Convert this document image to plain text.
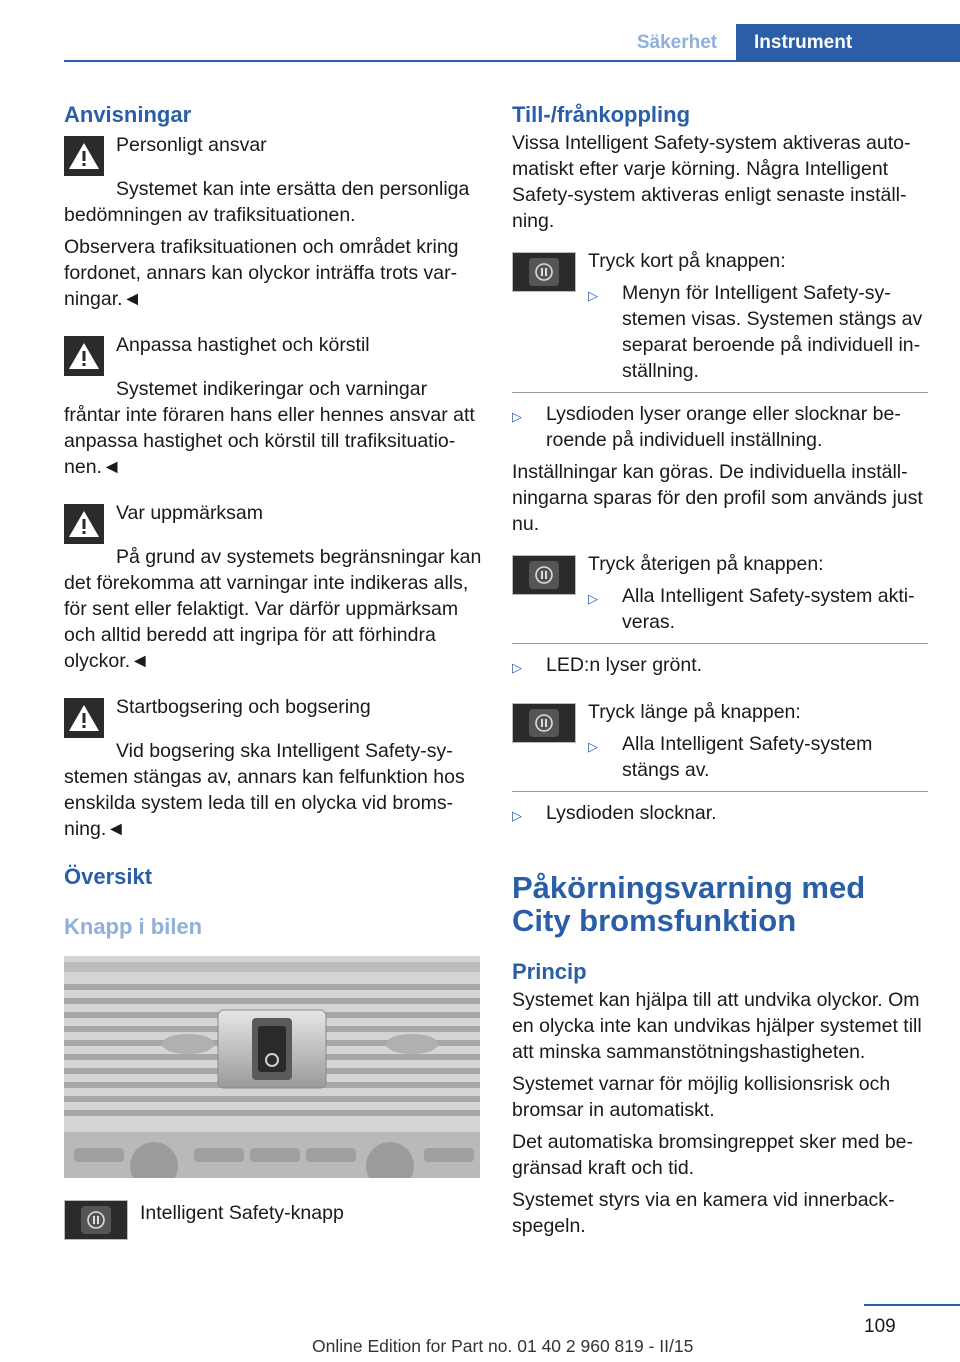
Säkerhet	Instrument
Anvisningar

Personligt ansvar

Systemet kan inte ersätta den personliga bedömningen av trafiksituationen.

Observera trafiksituationen och området kring fordonet, annars kan olyckor inträffa trots varningar.◄

Anpassa hastighet och körstil

Systemet indikeringar och varningar fråntar inte föraren hans eller hennes ansvar att anpassa hastighet och körstil till trafiksituationen.◄

Var uppmärksam

På grund av systemets begränsningar kan det förekomma att varningar inte indikeras alls, för sent eller felaktigt. Var därför uppmärksam och alltid beredd att ingripa för att förhindra olyckor.◄

Startbogsering och bogsering

Vid bogsering ska Intelligent Safety-systemen stängas av, annars kan felfunktion hos enskilda system leda till en olycka vid bromsning.◄

Översikt
Knapp i bilen

Intelligent Safety-knapp

Till-/frånkoppling

Vissa Intelligent Safety-system aktiveras automatiskt efter varje körning. Några Intelligent Safety-system aktiveras enligt senaste inställning.

Tryck kort på knappen:

▷	Menyn för Intelligent Safety-systemen visas. Systemen stängs av separat beroende på individuell inställning.
▷	Lysdioden lyser orange eller slocknar beroende på individuell inställning.

Inställningar kan göras. De individuella inställningarna sparas för den profil som används just nu.

Tryck återigen på knappen:

▷	Alla Intelligent Safety-system aktiveras.
▷	LED:n lyser grönt.

Tryck länge på knappen:

▷	Alla Intelligent Safety-system stängs av.
▷	Lysdioden slocknar.
Påkörningsvarning med City bromsfunktion
Princip

Systemet kan hjälpa till att undvika olyckor. Om en olycka inte kan undvikas hjälper systemet till att minska sammanstötningshastigheten.

Systemet varnar för möjlig kollisionsrisk och bromsar in automatiskt.

Det automatiska bromsingreppet sker med begränsad kraft och tid.

Systemet styrs via en kamera vid innerbackspegeln.

109
Online Edition for Part no. 01 40 2 960 819 - II/15
